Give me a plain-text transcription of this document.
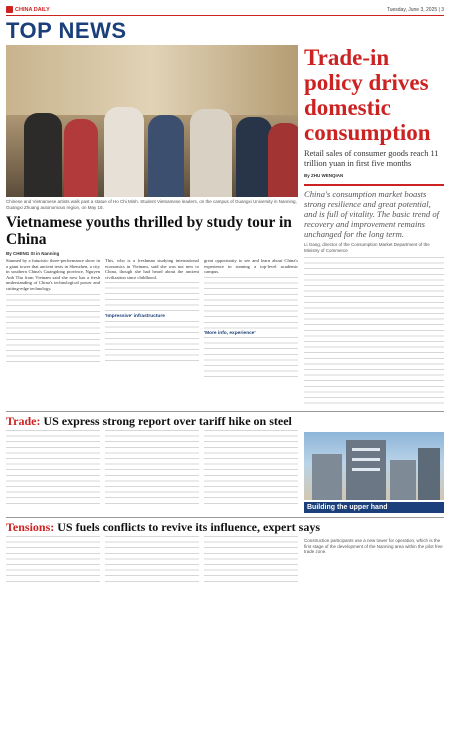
CHINA DAILY	Tuesday, June 3, 2025 | 3
TOP NEWS
Chinese and Vietnamese artists walk past a statue of Ho Chi Minh. Student Vietnamese leaders, on the campus of Guangxi University in Nanning, Guangxi Zhuang autonomous region, on May 18.
Vietnamese youths thrilled by study tour in China
By CHENG SI in Nanning
Stunned by a futuristic three-performance show in a giant tower that ancient texts in Shenzhen, a city in southern China's Guangdong province, Nguyen Anh Thu from Vietnam said she now has a fresh understanding of China's technological power and cutting-edge technology.
This, who is a freshman studying international economics in Vietnam, said she was not new to China, though she had heard about the ancient civilization since childhood.
'Impressive' infrastructure
great opportunity to see and learn about China's experience in running a top-level academic campus.
'More info, experience'
Trade-in policy drives domestic consumption
Retail sales of consumer goods reach 11 trillion yuan in first five months
By ZHU WENQIAN
China's consumption market boasts strong resilience and great potential, and is full of vitality. The basic trend of recovery and improvement remains unchanged for the long term.
Li Gang, director of the Consumption Market Department of the Ministry of Commerce
Trade: US express strong report over tariff hike on steel
Building the upper hand
Tensions: US fuels conflicts to revive its influence, expert says
Construction participants use a new tower for operation, which is the first stage of the development of the Nanning area within the pilot free trade zone.
